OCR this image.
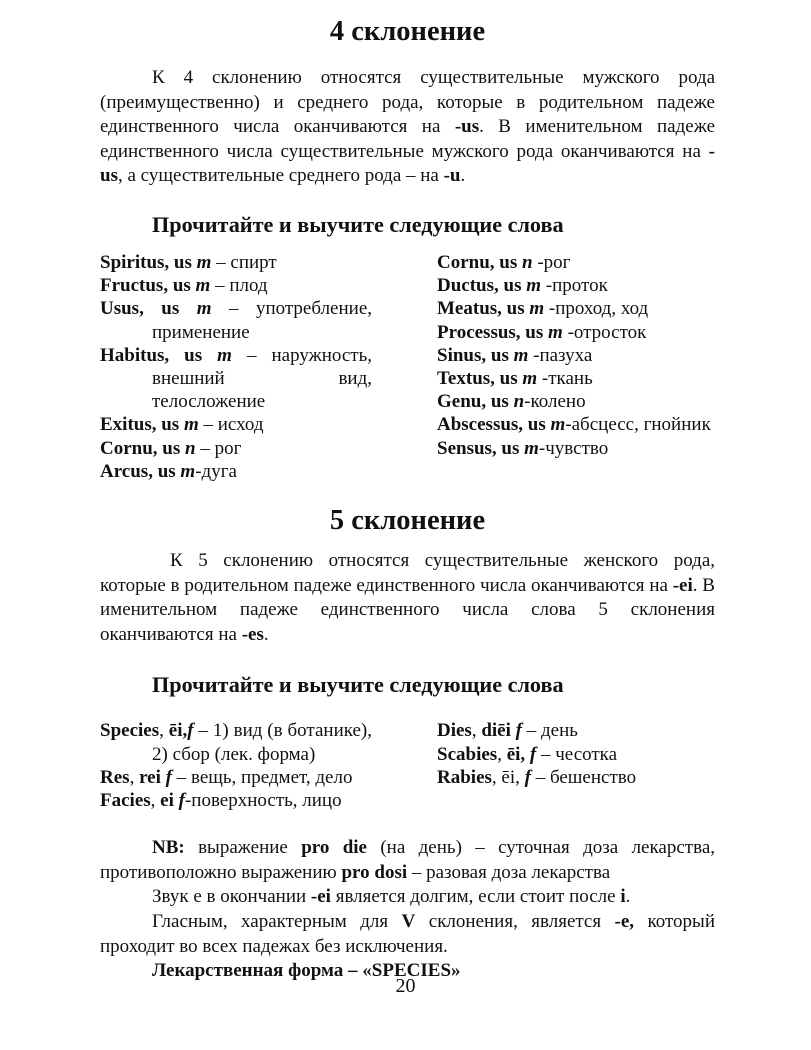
4 склонение

К 4 склонению относятся существительные мужского рода (преимущественно) и среднего рода, которые в родительном падеже единственного числа оканчиваются на -us. В именительном падеже единственного числа существительные мужского рода оканчиваются на -us, а существительные среднего рода – на -u.

Прочитайте и выучите следующие слова

Spiritus, us m – спирт

Fructus, us m – плод

Usus, us m – употребление, применение

Habitus, us m – наружность, внешний вид, телосложение

Exitus, us m – исход

Cornu, us n – рог

Arcus, us m-дуга

Cornu, us n -рог

Ductus, us m -проток

Meatus, us m -проход, ход

Processus, us m -отросток

Sinus, us m -пазуха

Textus, us m -ткань

Genu, us n-колено

Abscessus, us m-абсцесс, гнойник

Sensus, us m-чувство

5 склонение

К 5 склонению относятся существительные женского рода, которые в родительном падеже единственного числа оканчиваются на -ei. В именительном падеже единственного числа слова 5 склонения оканчиваются на -es.

Прочитайте и выучите следующие слова

Species, ēi,f – 1) вид (в ботанике), 2) сбор (лек. форма)

Res, rei f – вещь, предмет, дело

Facies, ei f-поверхность, лицо

Dies, diēi f – день

Scabies, ēi, f – чесотка

Rabies, ēi, f – бешенство

NB: выражение pro die (на день) – суточная доза лекарства, противоположно выражению pro dosi – разовая доза лекарства

Звук е в окончании -ei является долгим, если стоит после i.

Гласным, характерным для V склонения, является -е, который проходит во всех падежах без исключения.

Лекарственная форма – «SPECIES»

20
